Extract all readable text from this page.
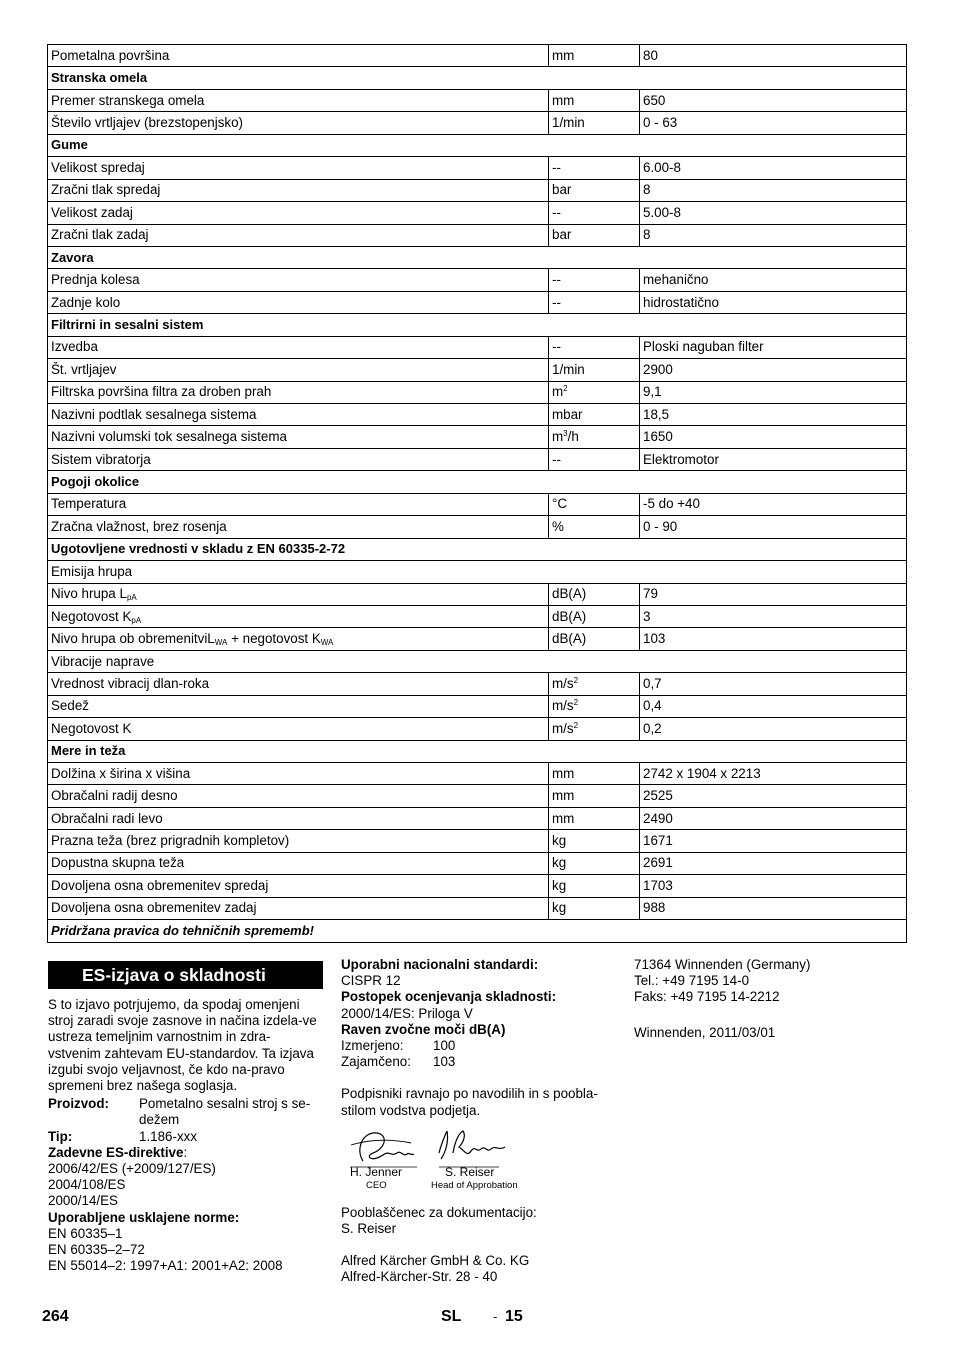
Pometalna površina	mm	80
Stranska omela		
Premer stranskega omela	mm	650
Število vrtljajev (brezstopenjsko)	1/min	0 - 63
Gume		
Velikost spredaj	--	6.00-8
Zračni tlak spredaj	bar	8
Velikost zadaj	--	5.00-8
Zračni tlak zadaj	bar	8
Zavora		
Prednja kolesa	--	mehanično
Zadnje kolo	--	hidrostatično
Filtrirni in sesalni sistem		
Izvedba	--	Ploski naguban filter
Št. vrtljajev	1/min	2900
Filtrska površina filtra za droben prah	$m^2$	9,1
Nazivni podtlak sesalnega sistema	mbar	18,5
Nazivni volumski tok sesalnega sistema	$m^3/h$	1650
Sistem vibratorja	--	Elektromotor
Pogoji okolice		
Temperatura	°C	-5 do +40
Zračna vlažnost, brez rosenja	%	0 - 90
Ugotovljene vrednosti v skladu z EN 60335-2-72		
Emisija hrupa		
Nivo hrupa $L_{pA}$	dB(A)	79
Negotovost $K_{pA}$	dB(A)	3
Nivo hrupa ob obremenitviL$_{WA}$ + negotovost $K_{WA}$	dB(A)	103
Vibracije naprave		
Vrednost vibracij dlan-roka	$m/s^2$	0,7
Sedež	$m/s^2$	0,4
Negotovost K	$m/s^2$	0,2
Mere in teža		
Dolžina x širina x višina	mm	2742 x 1904 x 2213
Obračalni radij desno	mm	2525
Obračalni radi levo	mm	2490
Prazna teža (brez prigradnih kompletov)	kg	1671
Dopustna skupna teža	kg	2691
Dovoljena osna obremenitev spredaj	kg	1703
Dovoljena osna obremenitev zadaj	kg	988
Pridržana pravica do tehničnih sprememb!		
ES-izjava o skladnosti

S to izjavo potrjujemo, da spodaj omenjeni stroj zaradi svoje zasnove in načina izdela-ve ustreza temeljnim varnostnim in zdra-vstvenim zahtevam EU-standardov. Ta izjava izgubi svojo veljavnost, če kdo na-pravo spremeni brez našega soglasja.

Proizvod:	Pometalno sesalni stroj s se-dežem
Tip:	1.186-xxx
Zadevne ES-direktive:
2006/42/ES (+2009/127/ES)
2004/108/ES
2000/14/ES
Uporabljene usklajene norme:
EN 60335–1
EN 60335–2–72
EN 55014–2: 1997+A1: 2001+A2: 2008
Uporabni nacionalni standardi:
CISPR 12
Postopek ocenjevanja skladnosti:
2000/14/ES: Priloga V
Raven zvočne moči dB(A)
Izmerjeno:	100
Zajamčeno:	103

Podpisniki ravnajo po navodilih in s poobla-stilom vodstva podjetja.

H. Jenner
CEO
S. Reiser
Head of Approbation
Pooblaščenec za dokumentacijo:
S. Reiser
Alfred Kärcher GmbH & Co. KG
Alfred-Kärcher-Str. 28 - 40
71364 Winnenden (Germany)
Tel.: +49 7195 14-0
Faks: +49 7195 14-2212
Winnenden, 2011/03/01
264	SL - 15
